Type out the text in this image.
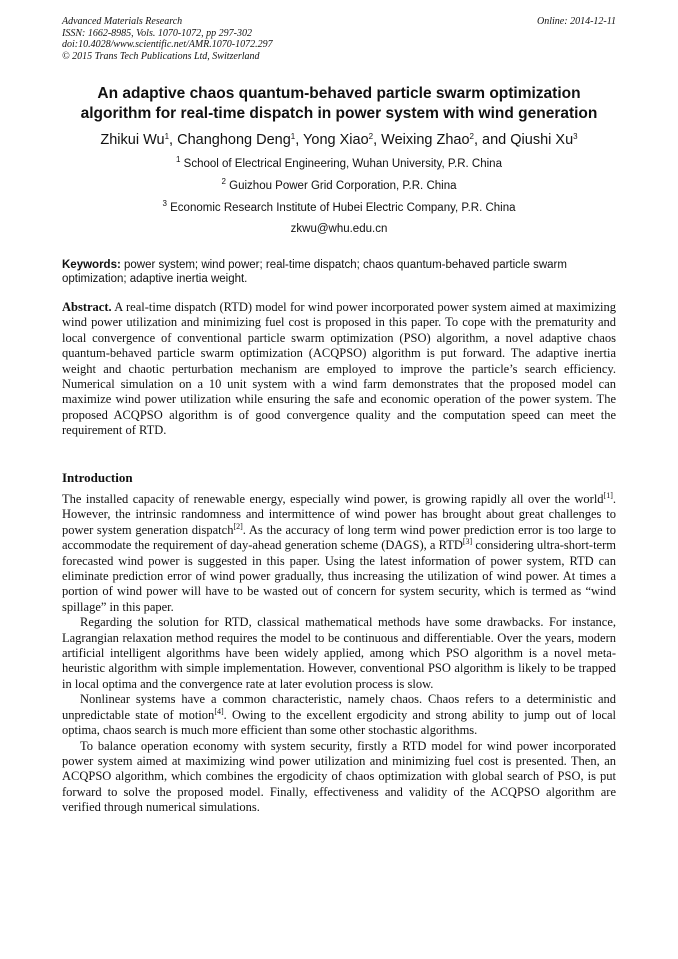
Advanced Materials Research
ISSN: 1662-8985, Vols. 1070-1072, pp 297-302
doi:10.4028/www.scientific.net/AMR.1070-1072.297
© 2015 Trans Tech Publications Ltd, Switzerland
Online: 2014-12-11
An adaptive chaos quantum-behaved particle swarm optimization algorithm for real-time dispatch in power system with wind generation
Zhikui Wu$^1$, Changhong Deng$^1$, Yong Xiao$^2$, Weixing Zhao$^2$, and Qiushi Xu$^3$
$^1$ School of Electrical Engineering, Wuhan University, P.R. China
$^2$ Guizhou Power Grid Corporation, P.R. China
$^3$ Economic Research Institute of Hubei Electric Company, P.R. China
zkwu@whu.edu.cn
Keywords: power system; wind power; real-time dispatch; chaos quantum-behaved particle swarm optimization; adaptive inertia weight.
Abstract. A real-time dispatch (RTD) model for wind power incorporated power system aimed at maximizing wind power utilization and minimizing fuel cost is proposed in this paper. To cope with the prematurity and local convergence of conventional particle swarm optimization (PSO) algorithm, a novel adaptive chaos quantum-behaved particle swarm optimization (ACQPSO) algorithm is put forward. The adaptive inertia weight and chaotic perturbation mechanism are employed to improve the particle’s search efficiency. Numerical simulation on a 10 unit system with a wind farm demonstrates that the proposed model can maximize wind power utilization while ensuring the safe and economic operation of the power system. The proposed ACQPSO algorithm is of good convergence quality and the computation speed can meet the requirement of RTD.
Introduction

The installed capacity of renewable energy, especially wind power, is growing rapidly all over the world[1]. However, the intrinsic randomness and intermittence of wind power has brought about great challenges to power system generation dispatch[2]. As the accuracy of long term wind power prediction error is too large to accommodate the requirement of day-ahead generation scheme (DAGS), a RTD[3] considering ultra-short-term forecasted wind power is suggested in this paper. Using the latest information of power system, RTD can eliminate prediction error of wind power gradually, thus increasing the utilization of wind power. At times a portion of wind power will have to be wasted out of concern for system security, which is termed as “wind spillage” in this paper.

Regarding the solution for RTD, classical mathematical methods have some drawbacks. For instance, Lagrangian relaxation method requires the model to be continuous and differentiable. Over the years, modern artificial intelligent algorithms have been widely applied, among which PSO algorithm is a novel meta-heuristic algorithm with simple implementation. However, conventional PSO algorithm is likely to be trapped in local optima and the convergence rate at later evolution process is slow.

Nonlinear systems have a common characteristic, namely chaos. Chaos refers to a deterministic and unpredictable state of motion[4]. Owing to the excellent ergodicity and strong ability to jump out of local optima, chaos search is much more efficient than some other stochastic algorithms.

To balance operation economy with system security, firstly a RTD model for wind power incorporated power system aimed at maximizing wind power utilization and minimizing fuel cost is presented. Then, an ACQPSO algorithm, which combines the ergodicity of chaos optimization with global search of PSO, is put forward to solve the proposed model. Finally, effectiveness and validity of the ACQPSO algorithm are verified through numerical simulations.
